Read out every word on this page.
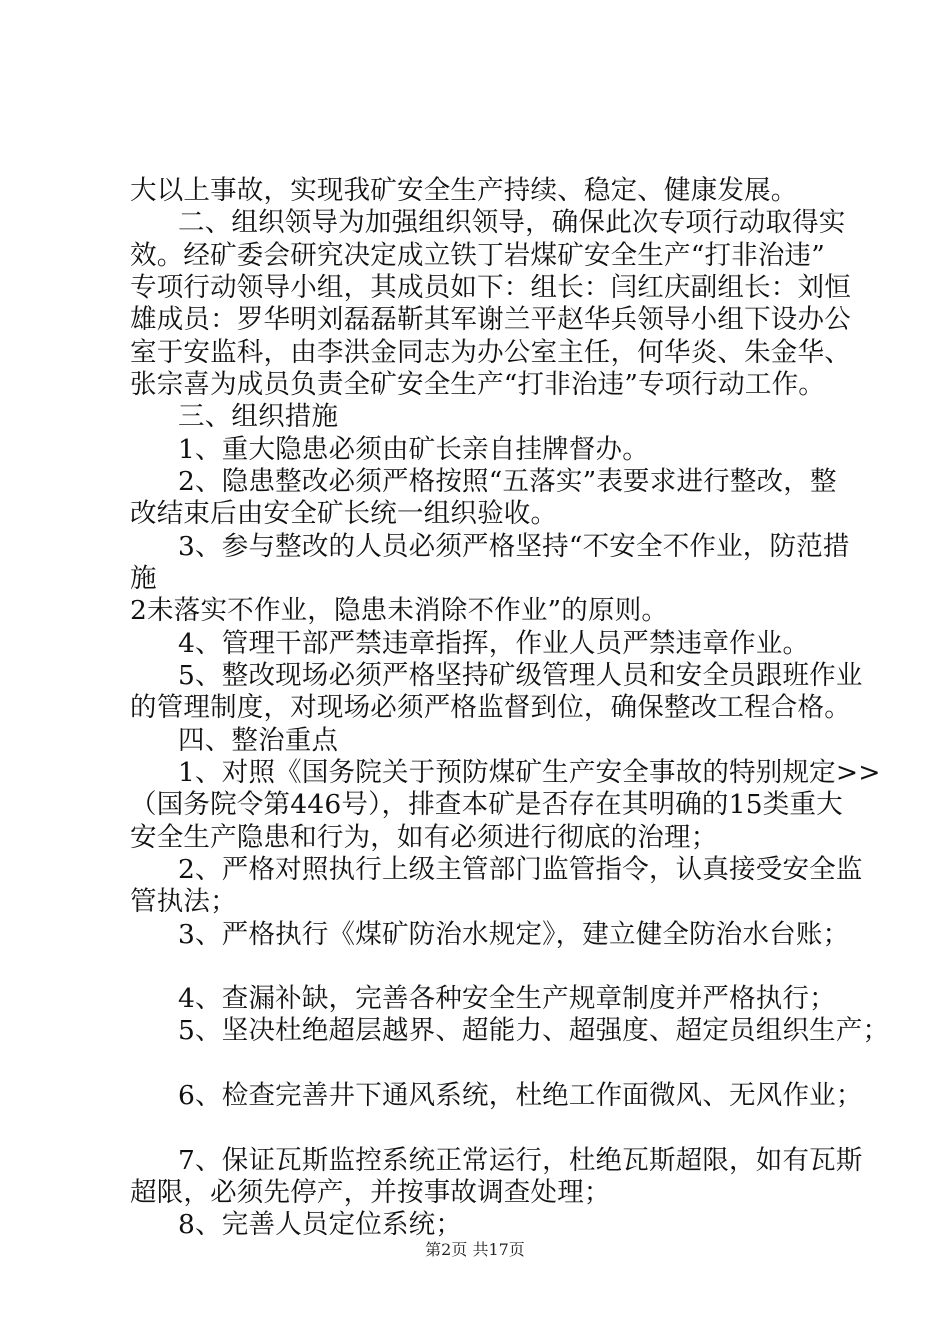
大以上事故，实现我矿安全生产持续、稳定、健康发展。
二、组织领导为加强组织领导，确保此次专项行动取得实
效。经矿委会研究决定成立铁丁岩煤矿安全生产“打非治违”
专项行动领导小组，其成员如下：组长：闫红庆副组长：刘恒
雄成员：罗华明刘磊磊靳其军谢兰平赵华兵领导小组下设办公
室于安监科，由李洪金同志为办公室主任，何华炎、朱金华、
张宗喜为成员负责全矿安全生产“打非治违”专项行动工作。
三、组织措施
1、重大隐患必须由矿长亲自挂牌督办。
2、隐患整改必须严格按照“五落实”表要求进行整改，整
改结束后由安全矿长统一组织验收。
3、参与整改的人员必须严格坚持“不安全不作业，防范措
施
2未落实不作业，隐患未消除不作业”的原则。
4、管理干部严禁违章指挥，作业人员严禁违章作业。
5、整改现场必须严格坚持矿级管理人员和安全员跟班作业
的管理制度，对现场必须严格监督到位，确保整改工程合格。
四、整治重点
1、对照《国务院关于预防煤矿生产安全事故的特别规定>>
（国务院令第446号），排查本矿是否存在其明确的15类重大
安全生产隐患和行为，如有必须进行彻底的治理；
2、严格对照执行上级主管部门监管指令，认真接受安全监
管执法；
3、严格执行《煤矿防治水规定》，建立健全防治水台账；
4、查漏补缺，完善各种安全生产规章制度并严格执行；
5、坚决杜绝超层越界、超能力、超强度、超定员组织生产；
6、检查完善井下通风系统，杜绝工作面微风、无风作业；
7、保证瓦斯监控系统正常运行，杜绝瓦斯超限，如有瓦斯
超限，必须先停产，并按事故调查处理；
8、完善人员定位系统；
第2页 共17页
